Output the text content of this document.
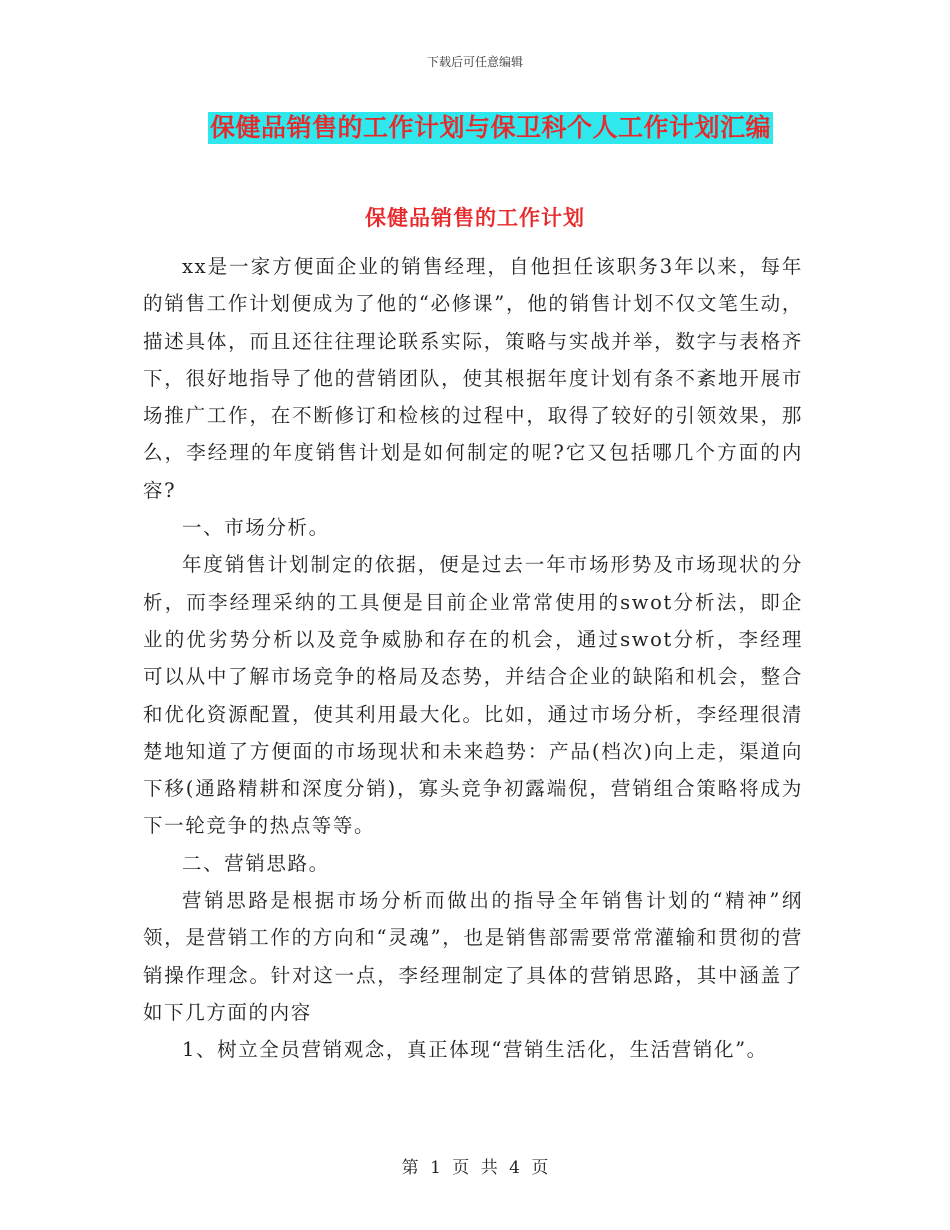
下载后可任意编辑
保健品销售的工作计划与保卫科个人工作计划汇编
保健品销售的工作计划

xx是一家方便面企业的销售经理，自他担任该职务3年以来，每年的销售工作计划便成为了他的“必修课”，他的销售计划不仅文笔生动，描述具体，而且还往往理论联系实际，策略与实战并举，数字与表格齐下，很好地指导了他的营销团队，使其根据年度计划有条不紊地开展市场推广工作，在不断修订和检核的过程中，取得了较好的引领效果，那么，李经理的年度销售计划是如何制定的呢?它又包括哪几个方面的内容?

一、市场分析。

年度销售计划制定的依据，便是过去一年市场形势及市场现状的分析，而李经理采纳的工具便是目前企业常常使用的swot分析法，即企业的优劣势分析以及竞争威胁和存在的机会，通过swot分析，李经理可以从中了解市场竞争的格局及态势，并结合企业的缺陷和机会，整合和优化资源配置，使其利用最大化。比如，通过市场分析，李经理很清楚地知道了方便面的市场现状和未来趋势：产品(档次)向上走，渠道向下移(通路精耕和深度分销)，寡头竞争初露端倪，营销组合策略将成为下一轮竞争的热点等等。

二、营销思路。

营销思路是根据市场分析而做出的指导全年销售计划的“精神”纲领，是营销工作的方向和“灵魂”，也是销售部需要常常灌输和贯彻的营销操作理念。针对这一点，李经理制定了具体的营销思路，其中涵盖了如下几方面的内容

1、树立全员营销观念，真正体现“营销生活化，生活营销化”。

第 1 页 共 4 页
